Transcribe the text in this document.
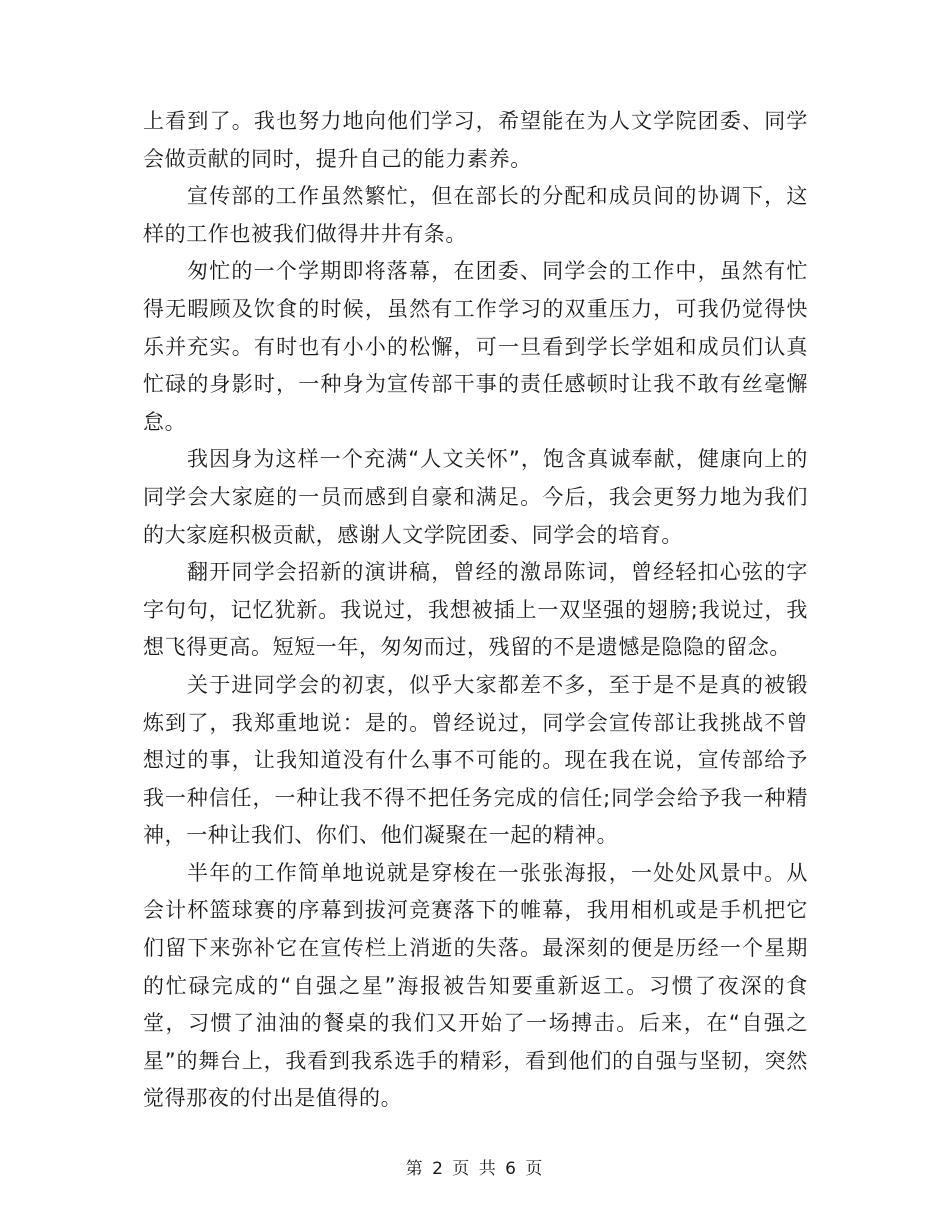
上看到了。我也努力地向他们学习，希望能在为人文学院团委、同学会做贡献的同时，提升自己的能力素养。

宣传部的工作虽然繁忙，但在部长的分配和成员间的协调下，这样的工作也被我们做得井井有条。

匆忙的一个学期即将落幕，在团委、同学会的工作中，虽然有忙得无暇顾及饮食的时候，虽然有工作学习的双重压力，可我仍觉得快乐并充实。有时也有小小的松懈，可一旦看到学长学姐和成员们认真忙碌的身影时，一种身为宣传部干事的责任感顿时让我不敢有丝毫懈怠。

我因身为这样一个充满“人文关怀”，饱含真诚奉献，健康向上的同学会大家庭的一员而感到自豪和满足。今后，我会更努力地为我们的大家庭积极贡献，感谢人文学院团委、同学会的培育。

翻开同学会招新的演讲稿，曾经的激昂陈词，曾经轻扣心弦的字字句句，记忆犹新。我说过，我想被插上一双坚强的翅膀;我说过，我想飞得更高。短短一年，匆匆而过，残留的不是遗憾是隐隐的留念。

关于进同学会的初衷，似乎大家都差不多，至于是不是真的被锻炼到了，我郑重地说：是的。曾经说过，同学会宣传部让我挑战不曾想过的事，让我知道没有什么事不可能的。现在我在说，宣传部给予我一种信任，一种让我不得不把任务完成的信任;同学会给予我一种精神，一种让我们、你们、他们凝聚在一起的精神。

半年的工作简单地说就是穿梭在一张张海报，一处处风景中。从会计杯篮球赛的序幕到拔河竞赛落下的帷幕，我用相机或是手机把它们留下来弥补它在宣传栏上消逝的失落。最深刻的便是历经一个星期的忙碌完成的“自强之星”海报被告知要重新返工。习惯了夜深的食堂，习惯了油油的餐桌的我们又开始了一场搏击。后来，在“自强之星”的舞台上，我看到我系选手的精彩，看到他们的自强与坚韧，突然觉得那夜的付出是值得的。

第 2 页 共 6 页
